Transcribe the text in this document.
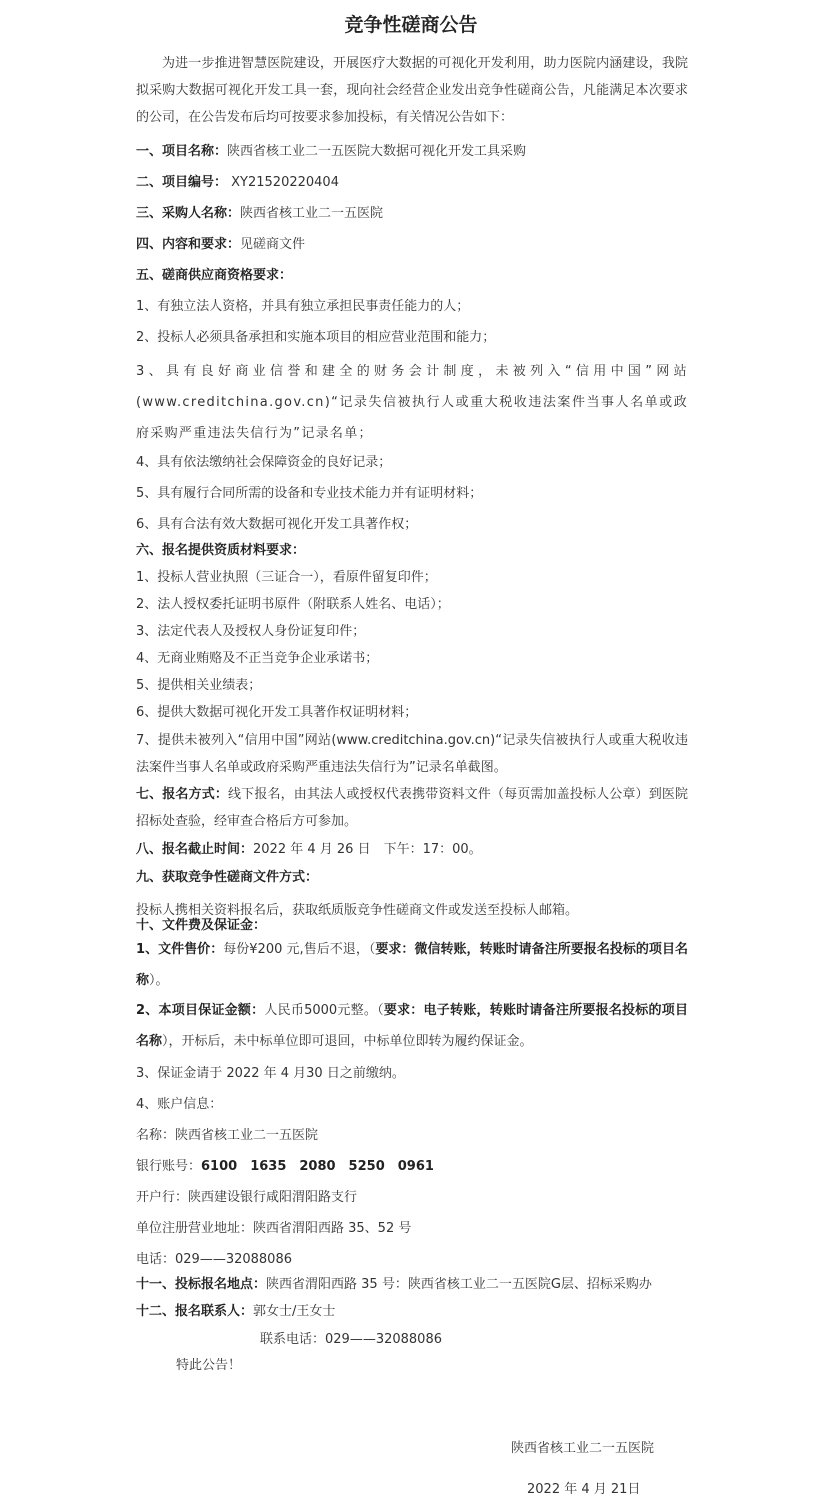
竞争性磋商公告
为进一步推进智慧医院建设，开展医疗大数据的可视化开发利用，助力医院内涵建设，我院拟采购大数据可视化开发工具一套，现向社会经营企业发出竞争性磋商公告，凡能满足本次要求的公司，在公告发布后均可按要求参加投标，有关情况公告如下：
一、项目名称：陕西省核工业二一五医院大数据可视化开发工具采购
二、项目编号： XY21520220404
三、采购人名称：陕西省核工业二一五医院
四、内容和要求：见磋商文件
五、磋商供应商资格要求：
1、有独立法人资格，并具有独立承担民事责任能力的人；
2、投标人必须具备承担和实施本项目的相应营业范围和能力；
3、具有良好商业信誉和建全的财务会计制度，未被列入“信用中国”网站(www.creditchina.gov.cn)“记录失信被执行人或重大税收违法案件当事人名单或政府采购严重违法失信行为”记录名单；
4、具有依法缴纳社会保障资金的良好记录；
5、具有履行合同所需的设备和专业技术能力并有证明材料；
6、具有合法有效大数据可视化开发工具著作权；
六、报名提供资质材料要求：
1、投标人营业执照（三证合一），看原件留复印件；
2、法人授权委托证明书原件（附联系人姓名、电话）；
3、法定代表人及授权人身份证复印件；
4、无商业贿赂及不正当竞争企业承诺书；
5、提供相关业绩表；
6、提供大数据可视化开发工具著作权证明材料；
7、提供未被列入“信用中国”网站(www.creditchina.gov.cn)“记录失信被执行人或重大税收违法案件当事人名单或政府采购严重违法失信行为”记录名单截图。
七、报名方式：线下报名，由其法人或授权代表携带资料文件（每页需加盖投标人公章）到医院招标处查验，经审查合格后方可参加。
八、报名截止时间：2022 年 4 月 26 日　下午：17：00。
九、获取竞争性磋商文件方式：
投标人携相关资料报名后，获取纸质版竞争性磋商文件或发送至投标人邮箱。
十、文件费及保证金：
1、文件售价：每份¥200 元,售后不退，（要求：微信转账，转账时请备注所要报名投标的项目名称）。
2、本项目保证金额：人民币5000元整。（要求：电子转账，转账时请备注所要报名投标的项目名称），开标后，未中标单位即可退回，中标单位即转为履约保证金。
3、保证金请于 2022 年 4 月30 日之前缴纳。
4、账户信息：
名称：陕西省核工业二一五医院
银行账号：6100　1635　2080　5250　0961
开户行：陕西建设银行咸阳渭阳路支行
单位注册营业地址：陕西省渭阳西路 35、52 号
电话：029——32088086
十一、投标报名地点：陕西省渭阳西路 35 号：陕西省核工业二一五医院G层、招标采购办
十二、报名联系人：郭女士/王女士
联系电话：029——32088086
特此公告！
陕西省核工业二一五医院
2022 年 4 月 21日
